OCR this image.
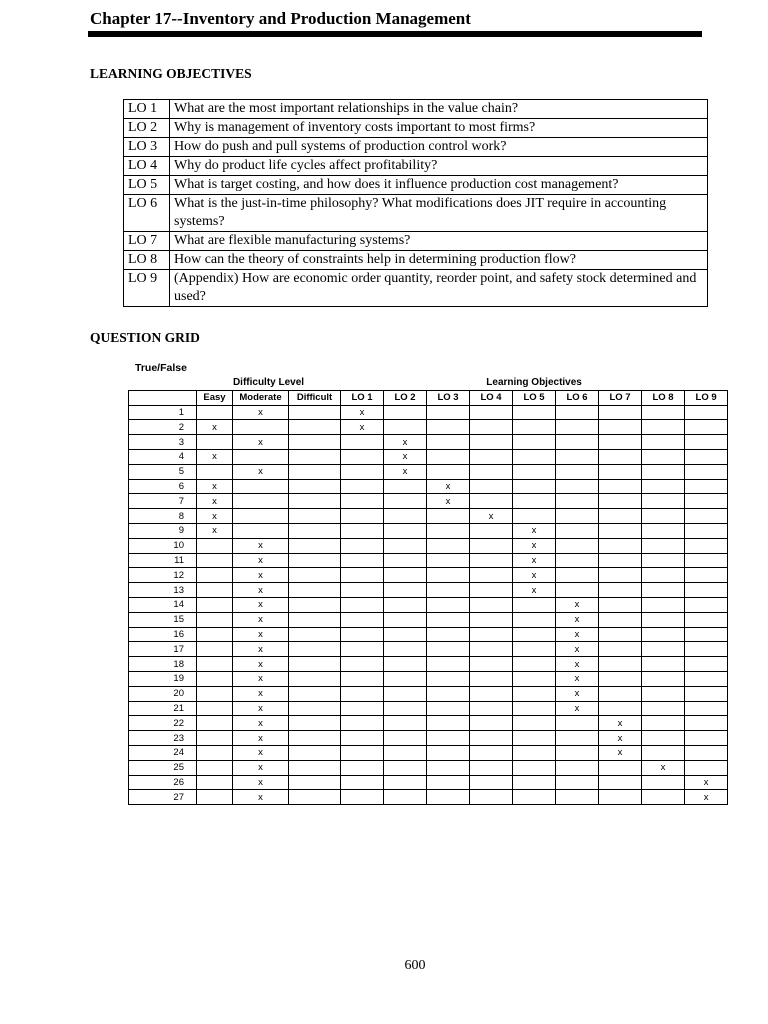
Chapter 17--Inventory and Production Management
LEARNING OBJECTIVES
LO 1	What are the most important relationships in the value chain?
LO 2	Why is management of inventory costs important to most firms?
LO 3	How do push and pull systems of production control work?
LO 4	Why do product life cycles affect profitability?
LO 5	What is target costing, and how does it influence production cost management?
LO 6	What is the just-in-time philosophy? What modifications does JIT require in accounting systems?
LO 7	What are flexible manufacturing systems?
LO 8	How can the theory of constraints help in determining production flow?
LO 9	(Appendix) How are economic order quantity, reorder point, and safety stock determined and used?
QUESTION GRID
True/False
	Difficulty Level			Learning Objectives								
	Easy	Moderate	Difficult	LO 1	LO 2	LO 3	LO 4	LO 5	LO 6	LO 7	LO 8	LO 9
1		x		x								
2	x			x								
3		x			x							
4	x				x							
5		x			x							
6	x					x						
7	x					x						
8	x						x					
9	x							x				
10		x						x				
11		x						x				
12		x						x				
13		x						x				
14		x							x			
15		x							x			
16		x							x			
17		x							x			
18		x							x			
19		x							x			
20		x							x			
21		x							x			
22		x								x		
23		x								x		
24		x								x		
25		x									x	
26		x										x
27		x										x
600
